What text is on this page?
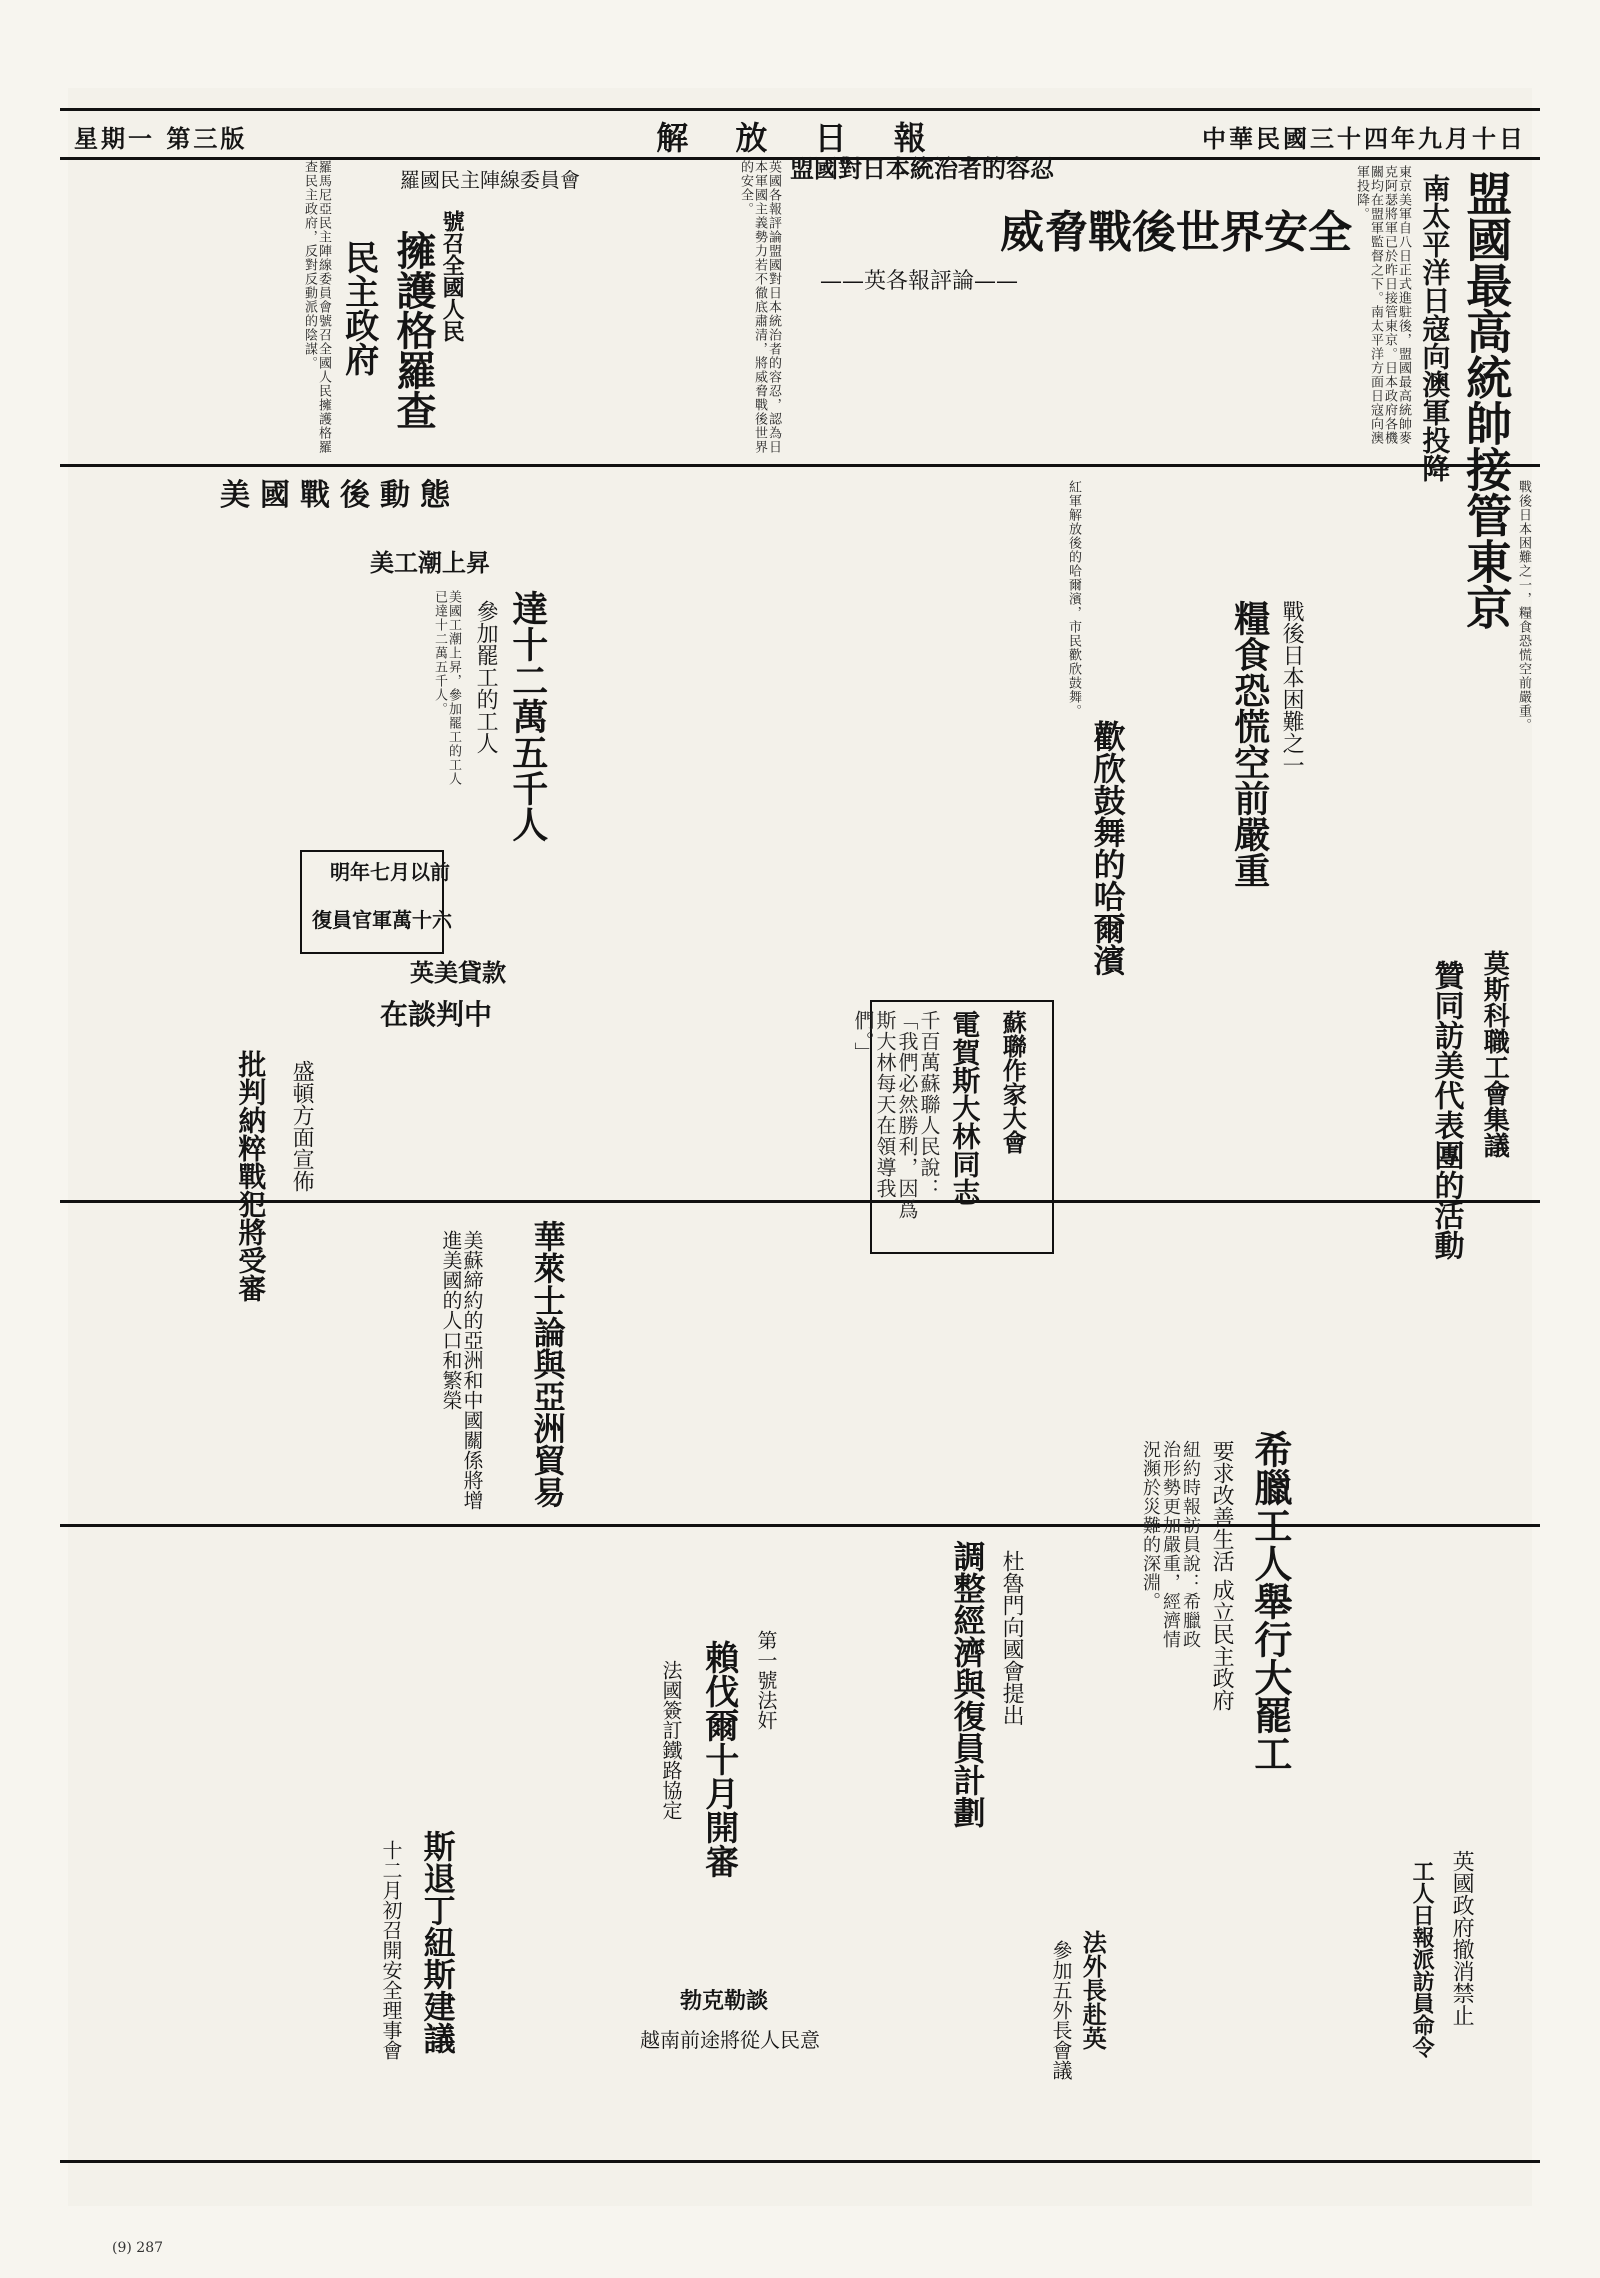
中華民國三十四年九月十日
解 放 日 報
星期一 第三版
盟國最高統帥接管東京
南太平洋日寇向澳軍投降
東京美軍自八日正式進駐後，盟國最高統帥麥克阿瑟將軍已於昨日接管東京。日本政府各機關均在盟軍監督之下。南太平洋方面日寇向澳軍投降。
威脅戰後世界安全
盟國對日本統治者的容忍
——英各報評論——
英國各報評論盟國對日本統治者的容忍，認為日本軍國主義勢力若不徹底肅清，將威脅戰後世界的安全。
羅國民主陣線委員會
號召全國人民
擁護格羅查
民主政府
羅馬尼亞民主陣線委員會號召全國人民擁護格羅查民主政府，反對反動派的陰謀。
美國戰後動態
美工潮上昇
達十二萬五千人
參加罷工的工人
美國工潮上昇，參加罷工的工人已達十二萬五千人。	糧食恐慌空前嚴重 戰後日本困難之一	戰後日本困難之一，糧食恐慌空前嚴重。
歡欣鼓舞的哈爾濱
紅軍解放後的哈爾濱，市民歡欣鼓舞。
明年七月以前
復員官軍萬十六
英美貸款
在談判中
盛頓方面宣佈
批判納粹戰犯將受審	莫斯科職工會集議
贊同訪美代表團的活動
蘇聯作家大會
電賀斯大林同志
千百萬蘇聯人民說：「我們必然勝利，因爲斯大林每天在領導我們。」
華萊士論與亞洲貿易
美蘇締約的亞洲和中國關係將增進美國的人口和繁榮
希臘工人舉行大罷工
要求改善生活 成立民主政府
紐約時報訪員說：希臘政治形勢更加嚴重，經濟情況瀕於災難的深淵。
調整經濟與復員計劃 杜魯門向國會提出
第一號法奸
賴伐爾十月開審
法國簽訂鐵路協定
斯退丁紐斯建議
十二月初召開安全理事會	勃克勒談
越南前途將從人民意	法外長赴英
參加五外長會議	英國政府撤消禁止
工人日報派訪員命令
(9) 287
